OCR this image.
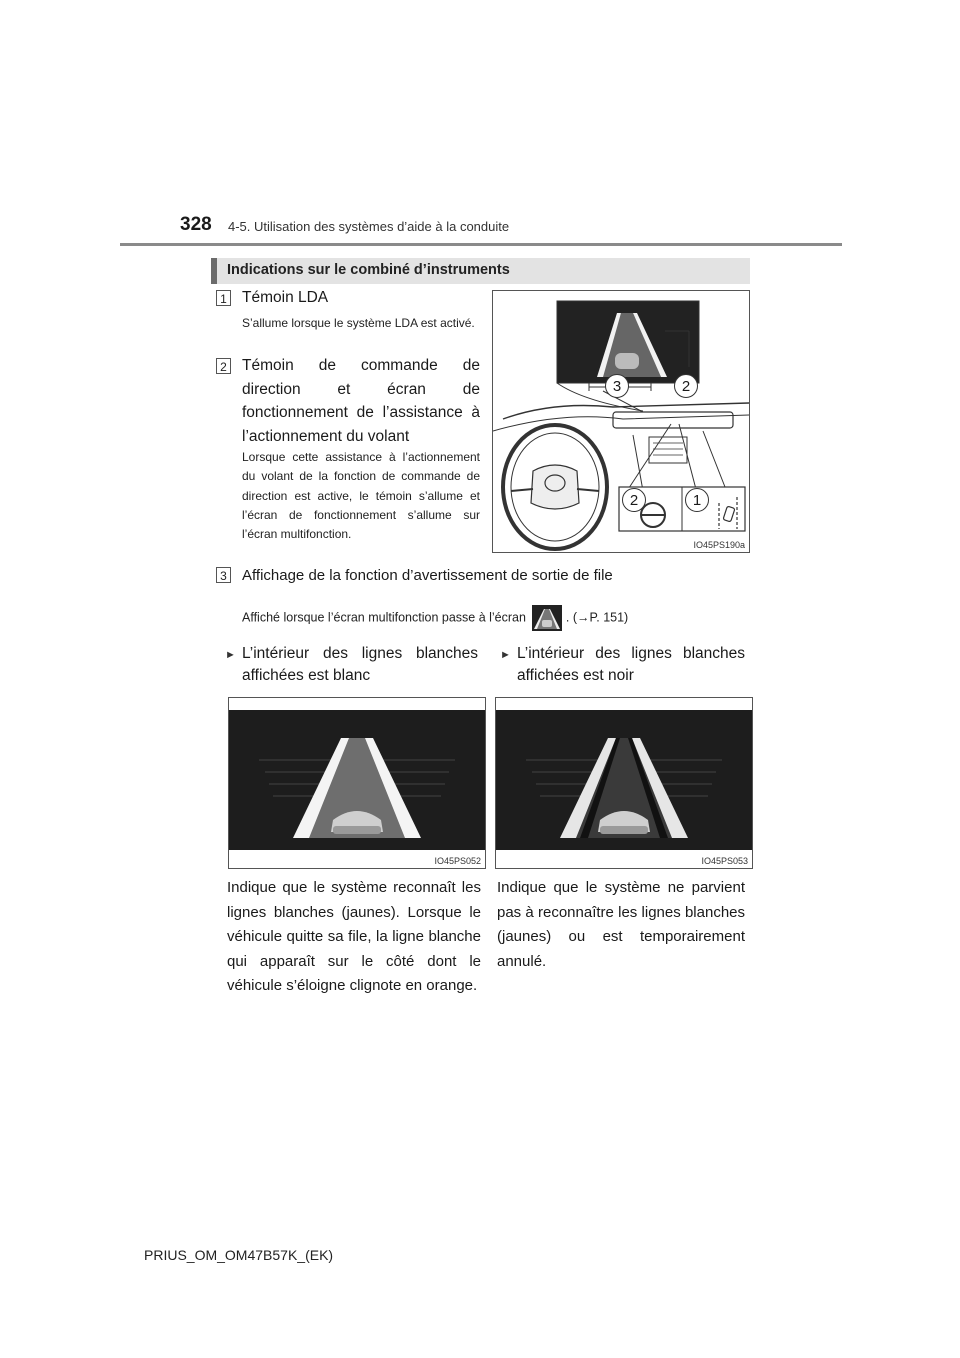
328 4-5. Utilisation des systèmes d’aide à la conduite
Indications sur le combiné d’instruments
1 Témoin LDA
S’allume lorsque le système LDA est activé.
2 Témoin de commande de direction et écran de fonctionnement de l’assistance à l’actionnement du volant
Lorsque cette assistance à l’actionnement du volant de la fonction de commande de direction est active, le témoin s’allume et l’écran de fonctionnement s’allume sur l’écran multifonction.
3	2
2	1
IO45PS190a
3 Affichage de la fonction d’avertissement de sortie de file
Affiché lorsque l’écran multifonction passe à l’écran	. (→P. 151)
► L’intérieur des lignes blanches affichées est blanc
IO45PS052
Indique que le système reconnaît les lignes blanches (jaunes). Lorsque le véhicule quitte sa file, la ligne blanche qui apparaît sur le côté dont le véhicule s’éloigne clignote en orange.
► L’intérieur des lignes blanches affichées est noir
IO45PS053
Indique que le système ne parvient pas à reconnaître les lignes blanches (jaunes) ou est temporairement annulé.
PRIUS_OM_OM47B57K_(EK)
